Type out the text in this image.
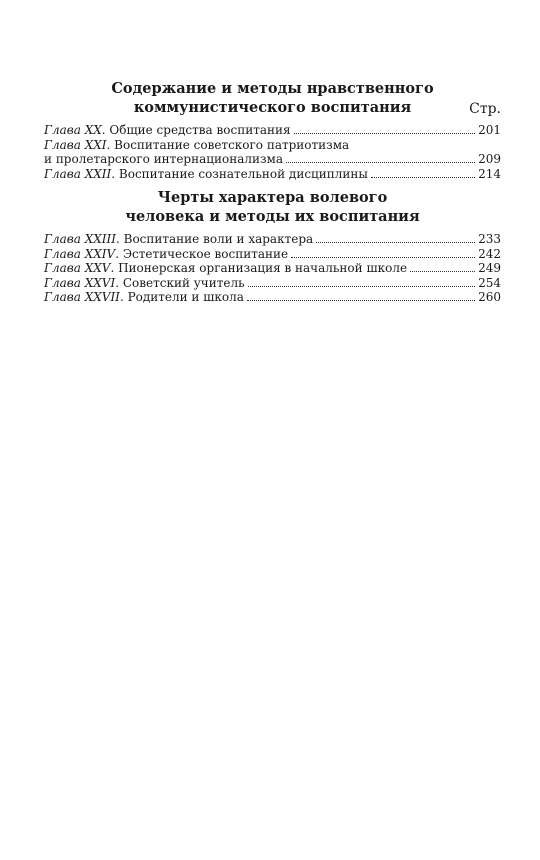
Содержание и методы нравственного

коммунистического воспитания	Стр.
Глава XX . Общие средства воспитания	201
Глава XXI. Воспитание советского патриотизма
и пролетарского интернационализма	209
Глава XXII . Воспитание сознательной дисциплины	214

Черты характера волевого

человека и методы их воспитания

Глава XXIII . Воспитание воли и характера	233
Глава XXIV . Эстетическое воспитание	242
Глава XXV . Пионерская организация в начальной школе	249
Глава XXVI . Советский учитель	254
Глава XXVII . Родители и школа	260
